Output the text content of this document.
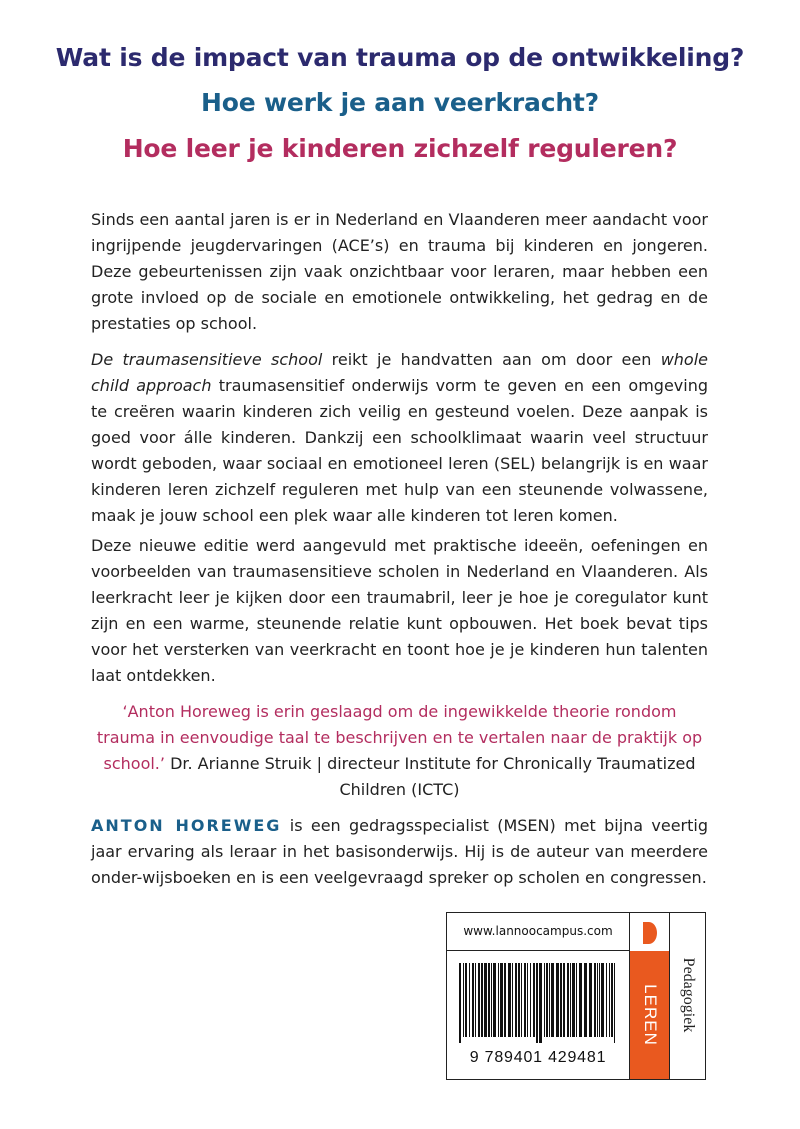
Wat is de impact van trauma op de ontwikkeling?
Hoe werk je aan veerkracht?
Hoe leer je kinderen zichzelf reguleren?

Sinds een aantal jaren is er in Nederland en Vlaanderen meer aandacht voor ingrijpende jeugdervaringen (ACE’s) en trauma bij kinderen en jongeren. Deze gebeurtenissen zijn vaak onzichtbaar voor leraren, maar hebben een grote invloed op de sociale en emotionele ontwikkeling, het gedrag en de prestaties op school.

De traumasensitieve school reikt je handvatten aan om door een whole child approach traumasensitief onderwijs vorm te geven en een omgeving te creëren waarin kinderen zich veilig en gesteund voelen. Deze aanpak is goed voor álle kinderen. Dankzij een schoolklimaat waarin veel structuur wordt geboden, waar sociaal en emotioneel leren (SEL) belangrijk is en waar kinderen leren zichzelf reguleren met hulp van een steunende volwassene, maak je jouw school een plek waar alle kinderen tot leren komen.

Deze nieuwe editie werd aangevuld met praktische ideeën, oefeningen en voorbeelden van traumasensitieve scholen in Nederland en Vlaanderen. Als leerkracht leer je kijken door een traumabril, leer je hoe je coregulator kunt zijn en een warme, steunende relatie kunt opbouwen. Het boek bevat tips voor het versterken van veerkracht en toont hoe je je kinderen hun talenten laat ontdekken.

‘Anton Horeweg is erin geslaagd om de ingewikkelde theorie rondom trauma in eenvoudige taal te beschrijven en te vertalen naar de praktijk op school.’ Dr. Arianne Struik | directeur Institute for Chronically Traumatized Children (ICTC)

ANTON HOREWEG is een gedragsspecialist (MSEN) met bijna veertig jaar ervaring als leraar in het basisonderwijs. Hij is de auteur van meerdere onder-wijsboeken en is een veelgevraagd spreker op scholen en congressen.

www.lannoocampus.com
LEREN Pedagogiek
9 789401 429481
